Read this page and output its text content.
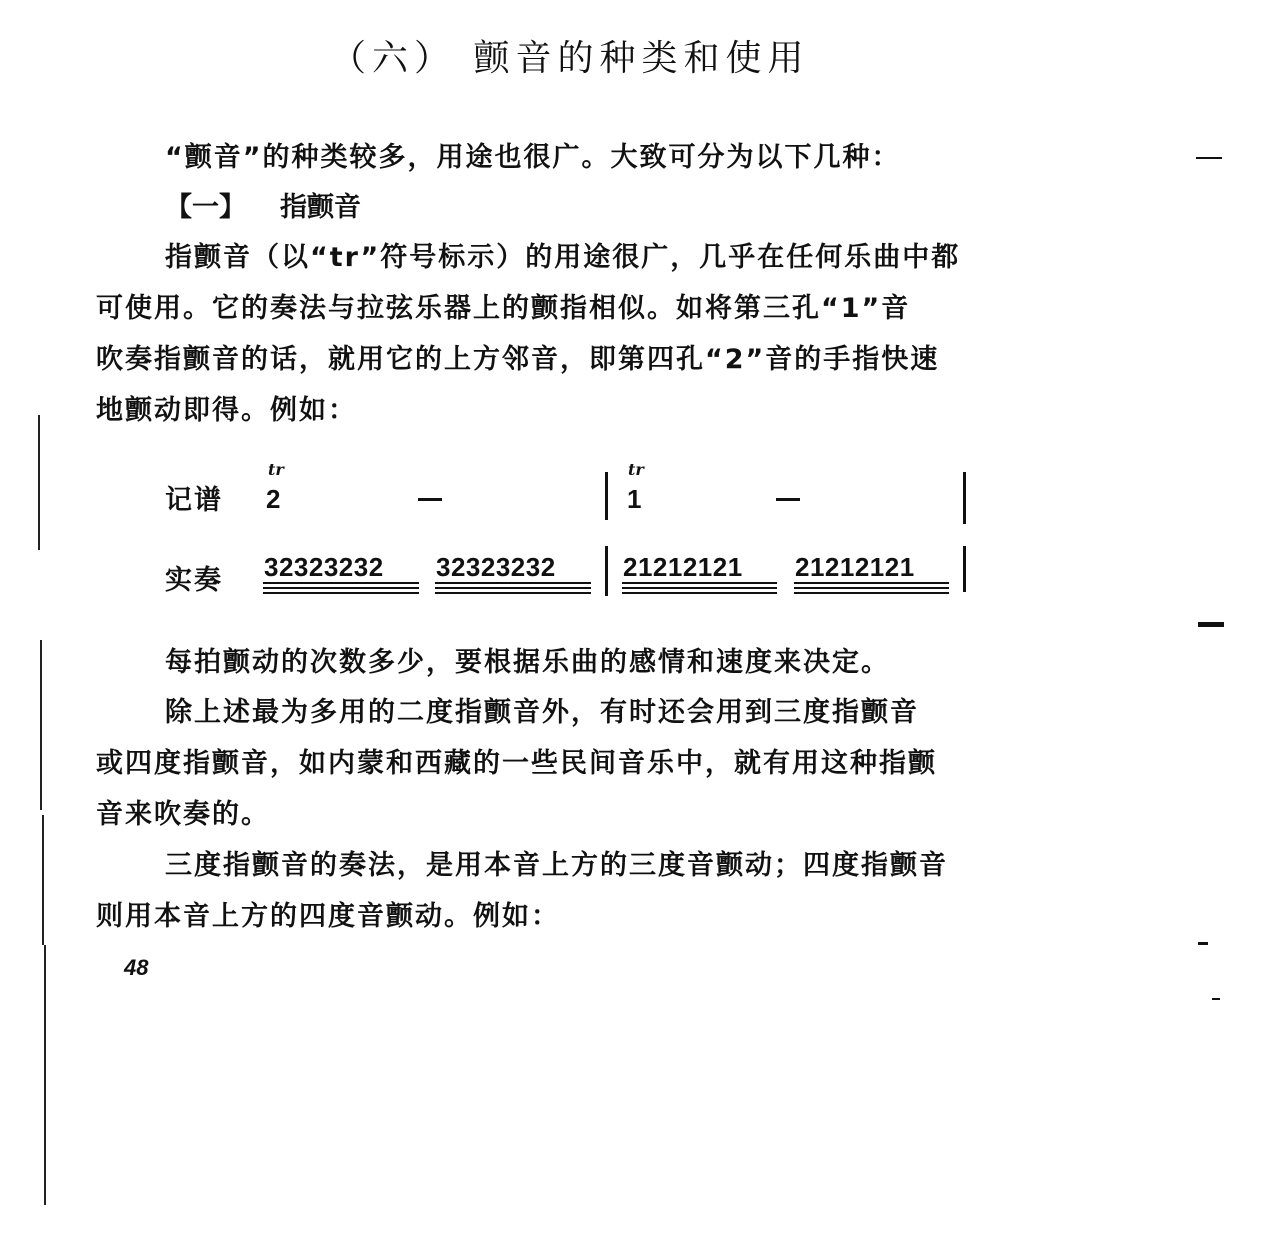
（六） 颤音的种类和使用
“颤音”的种类较多，用途也很广。大致可分为以下几种：
【一】 指颤音
指颤音（以“tr”符号标示）的用途很广，几乎在任何乐曲中都
可使用。它的奏法与拉弦乐器上的颤指相似。如将第三孔“1”音
吹奏指颤音的话，就用它的上方邻音，即第四孔“2”音的手指快速
地颤动即得。例如：
记谱
tr
2
tr
1
实奏 32323232 32323232	21212121 21212121
每拍颤动的次数多少，要根据乐曲的感情和速度来决定。
除上述最为多用的二度指颤音外，有时还会用到三度指颤音
或四度指颤音，如内蒙和西藏的一些民间音乐中，就有用这种指颤
音来吹奏的。
三度指颤音的奏法，是用本音上方的三度音颤动；四度指颤音
则用本音上方的四度音颤动。例如：
48
